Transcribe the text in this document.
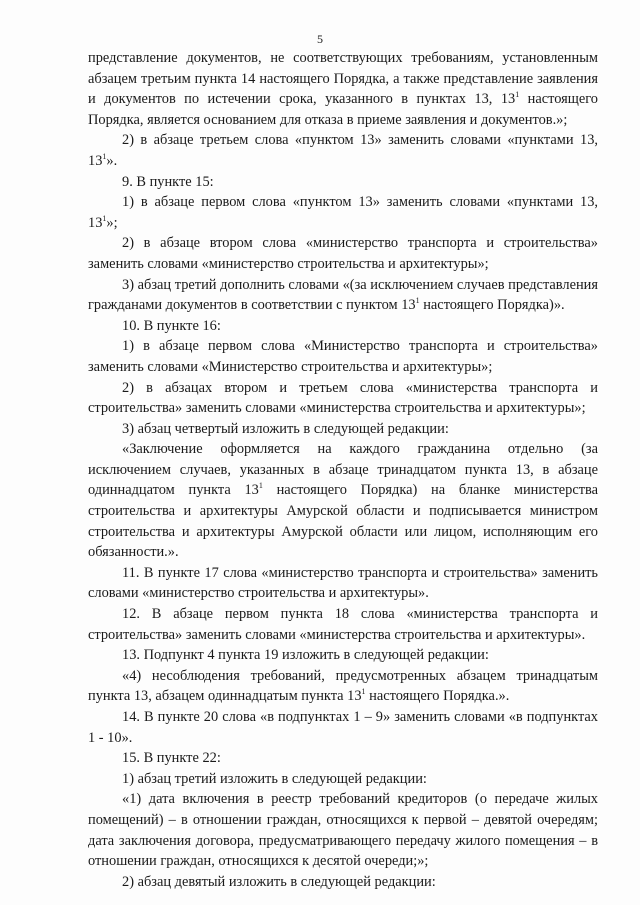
5

представление документов, не соответствующих требованиям, установленным абзацем третьим пункта 14 настоящего Порядка, а также представление заявления и документов по истечении срока, указанного в пунктах 13, $13^1$ настоящего Порядка, является основанием для отказа в приеме заявления и документов.»;

2) в абзаце третьем слова «пунктом 13» заменить словами «пунктами 13, $13^1$».

9. В пункте 15:

1) в абзаце первом слова «пунктом 13» заменить словами «пунктами 13, $13^1$»;

2) в абзаце втором слова «министерство транспорта и строительства» заменить словами «министерство строительства и архитектуры»;

3) абзац третий дополнить словами «(за исключением случаев представления гражданами документов в соответствии с пунктом $13^1$ настоящего Порядка)».

10. В пункте 16:

1) в абзаце первом слова «Министерство транспорта и строительства» заменить словами «Министерство строительства и архитектуры»;

2) в абзацах втором и третьем слова «министерства транспорта и строительства» заменить словами «министерства строительства и архитектуры»;

3) абзац четвертый изложить в следующей редакции:

«Заключение оформляется на каждого гражданина отдельно (за исключением случаев, указанных в абзаце тринадцатом пункта 13, в абзаце одиннадцатом пункта $13^1$ настоящего Порядка) на бланке министерства строительства и архитектуры Амурской области и подписывается министром строительства и архитектуры Амурской области или лицом, исполняющим его обязанности.».

11. В пункте 17 слова «министерство транспорта и строительства» заменить словами «министерство строительства и архитектуры».

12. В абзаце первом пункта 18 слова «министерства транспорта и строительства» заменить словами «министерства строительства и архитектуры».

13. Подпункт 4 пункта 19 изложить в следующей редакции:

«4) несоблюдения требований, предусмотренных абзацем тринадцатым пункта 13, абзацем одиннадцатым пункта $13^1$ настоящего Порядка.».

14. В пункте 20 слова «в подпунктах 1 – 9» заменить словами «в подпунктах 1 - 10».

15. В пункте 22:

1) абзац третий изложить в следующей редакции:

«1) дата включения в реестр требований кредиторов (о передаче жилых помещений) – в отношении граждан, относящихся к первой – девятой очередям; дата заключения договора, предусматривающего передачу жилого помещения – в отношении граждан, относящихся к десятой очереди;»;

2) абзац девятый изложить в следующей редакции:
